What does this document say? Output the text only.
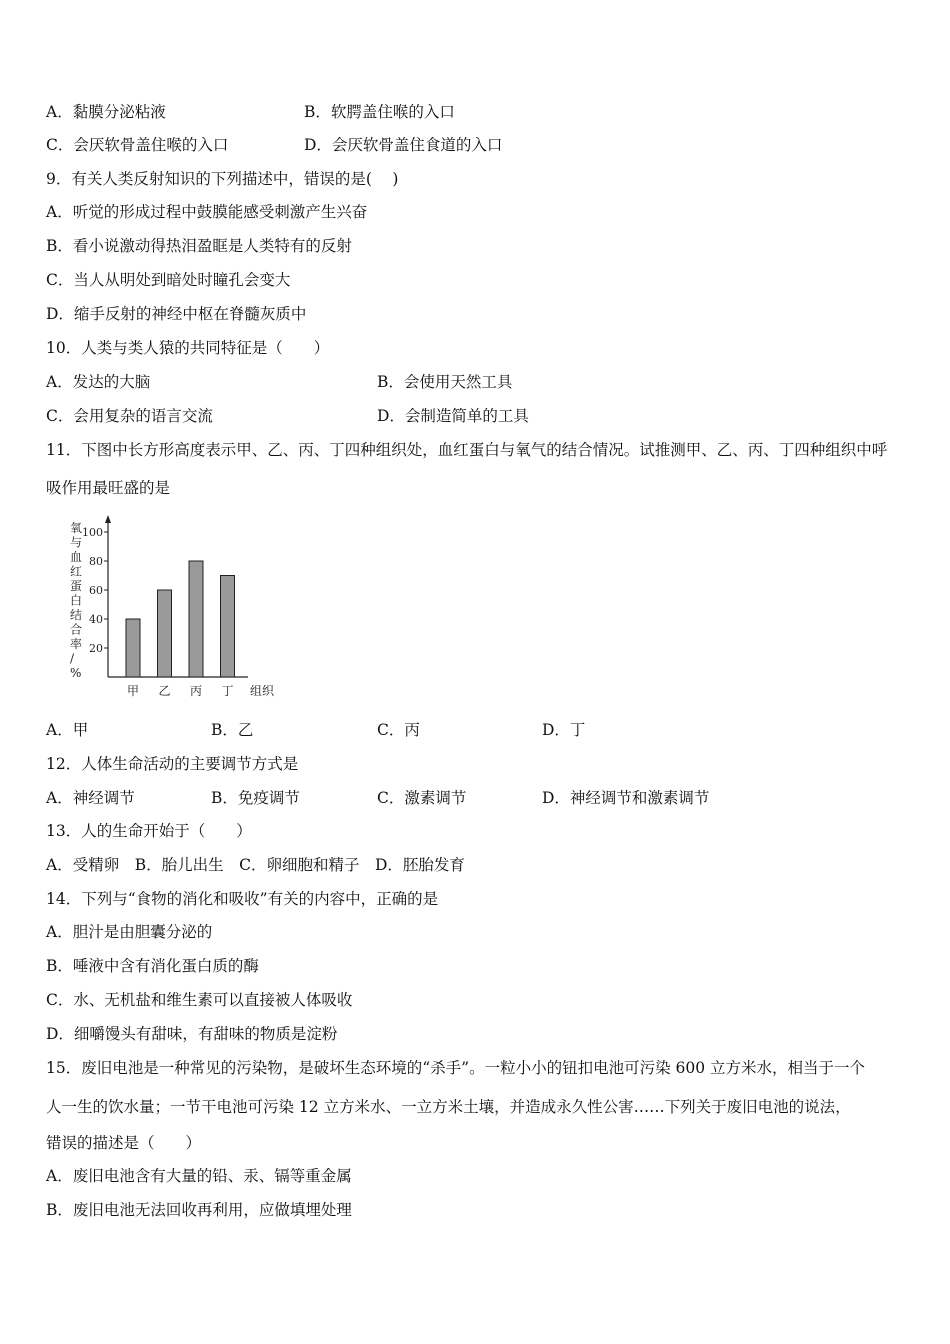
A．黏膜分泌粘液	B．软腭盖住喉的入口
C．会厌软骨盖住喉的入口	D．会厌软骨盖住食道的入口
9．有关人类反射知识的下列描述中，错误的是(　 )
A．听觉的形成过程中鼓膜能感受刺激产生兴奋
B．看小说激动得热泪盈眶是人类特有的反射
C．当人从明处到暗处时瞳孔会变大
D．缩手反射的神经中枢在脊髓灰质中
10．人类与类人猿的共同特征是（　　）
A．发达的大脑	B．会使用天然工具
C．会用复杂的语言交流	D．会制造简单的工具
11．下图中长方形高度表示甲、乙、丙、丁四种组织处，血红蛋白与氧气的结合情况。试推测甲、乙、丙、丁四种组织中呼
吸作用最旺盛的是
氧与血红蛋白结合率/ %
20
40
60
80
100
甲 乙 丙 丁 组织
A．甲	B．乙	C．丙	D．丁
12．人体生命活动的主要调节方式是
A．神经调节	B．免疫调节	C．激素调节	D．神经调节和激素调节
13．人的生命开始于（　　）
A．受精卵　B．胎儿出生　C．卵细胞和精子　D．胚胎发育
14．下列与“食物的消化和吸收”有关的内容中，正确的是
A．胆汁是由胆囊分泌的
B．唾液中含有消化蛋白质的酶
C．水、无机盐和维生素可以直接被人体吸收
D．细嚼馒头有甜味，有甜味的物质是淀粉
15．废旧电池是一种常见的污染物，是破坏生态环境的“杀手”。一粒小小的钮扣电池可污染 600 立方米水，相当于一个
人一生的饮水量；一节干电池可污染 12 立方米水、一立方米土壤，并造成永久性公害……下列关于废旧电池的说法，
错误的描述是（　　）
A．废旧电池含有大量的铅、汞、镉等重金属
B．废旧电池无法回收再利用，应做填埋处理
